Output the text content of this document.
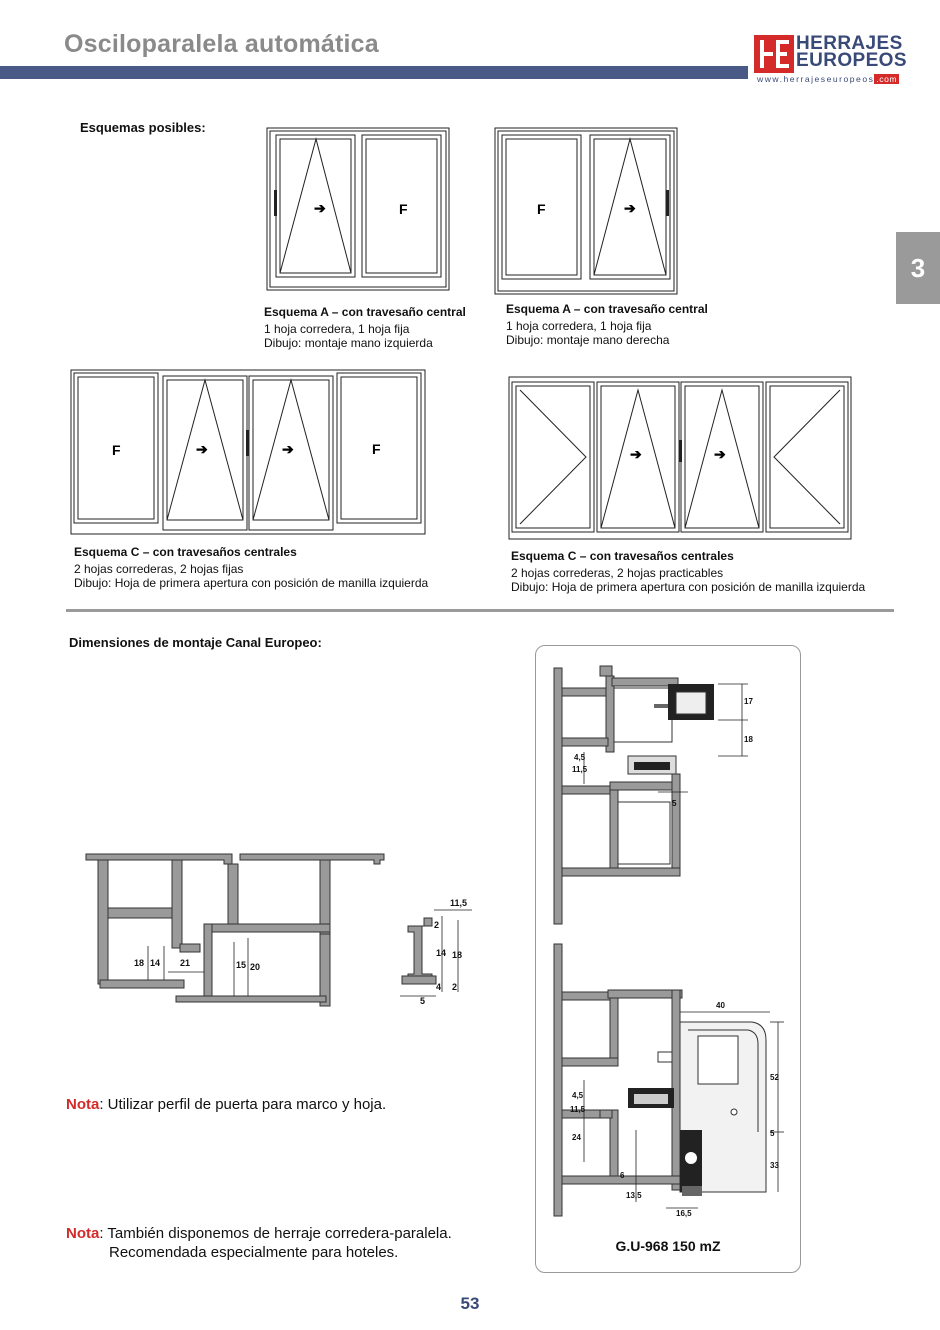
Osciloparalela automática	HERRAJES
EUROPEOS
www.herrajeseuropeos .com
3
Esquemas posibles:
➔	F
Esquema A – con travesaño central
1 hoja corredera, 1 hoja fija
Dibujo: montaje mano izquierda
➔
F
Esquema A – con travesaño central
1 hoja corredera, 1 hoja fija
Dibujo: montaje mano derecha
➔	➔
F	F
Esquema C – con travesaños centrales
2 hojas correderas, 2 hojas fijas
Dibujo: Hoja de primera apertura con posición de manilla izquierda
➔	➔
Esquema C – con travesaños centrales
2 hojas correderas, 2 hojas practicables
Dibujo: Hoja de primera apertura con posición de manilla izquierda
Dimensiones de montaje Canal Europeo:
18 14 21	15 20
11,5
2
14 18
4
5
2
Nota: Utilizar perfil de puerta para marco y hoja.
Nota: También disponemos de herraje corredera-paralela.
Recomendada especialmente para hoteles.
17
18
11,5
4,5
5
40
52
5
33
11,5
4,5
24
6
13,5
16,5
G.U-968 150 mZ
53
